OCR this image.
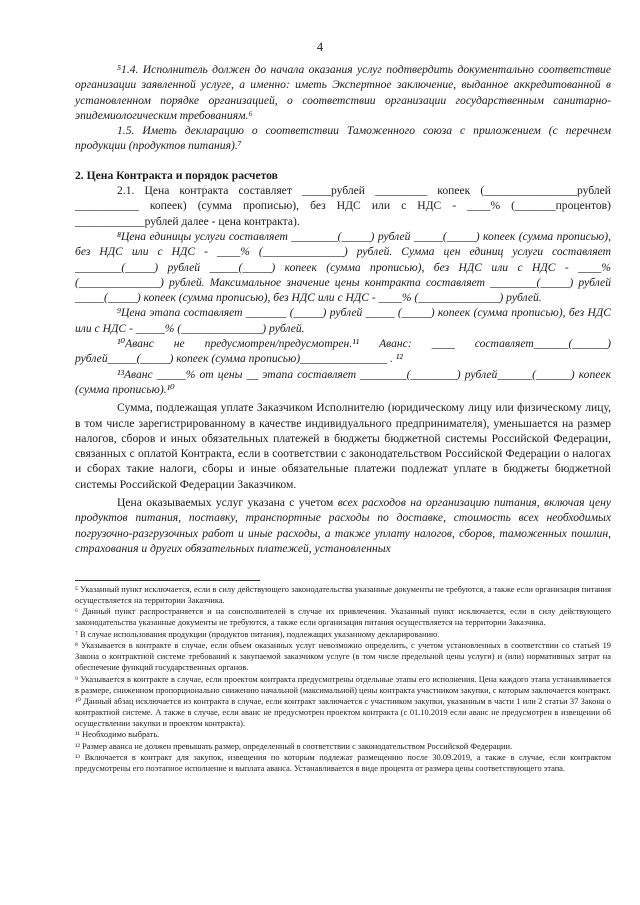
4

⁵1.4. Исполнитель должен до начала оказания услуг подтвердить документально соответствие организации заявленной услуге, а именно: иметь Экспертное заключение, выданное аккредитованной в установленном порядке организацией, о соответствии организации государственным санитарно-эпидемиологическим требованиям.⁶

1.5. Иметь декларацию о соответствии Таможенного союза с приложением (с перечнем продукции (продуктов питания).⁷

2. Цена Контракта и порядок расчетов

2.1. Цена контракта составляет _____рублей _________ копеек (________________рублей ___________ копеек) (сумма прописью), без НДС или с НДС - ____% (_______процентов) ____________рублей далее - цена контракта).

⁸Цена единицы услуги составляет ________(_____) рублей _____(_____) копеек (сумма прописью), без НДС или с НДС - ____% (______________) рублей. Сумма цен единиц услуги составляет ________(_____) рублей _____(_____) копеек (сумма прописью), без НДС или с НДС - ____% (______________) рублей. Максимальное значение цены контракта составляет ________(_____) рублей _____(_____) копеек (сумма прописью), без НДС или с НДС - ____% (______________) рублей.

⁹Цена этапа составляет _______ (_____) рублей _____ (_____) копеек (сумма прописью), без НДС или с НДС - _____% (______________) рублей.

¹⁰Аванс не предусмотрен/предусмотрен.¹¹ Аванс: ____ составляет______(______) рублей_____(_____) копеек (сумма прописью)_______________ . ¹²

¹³Аванс _____% от цены __ этапа составляет ________(________) рублей______(______) копеек (сумма прописью).¹⁰

Сумма, подлежащая уплате Заказчиком Исполнителю (юридическому лицу или физическому лицу, в том числе зарегистрированному в качестве индивидуального предпринимателя), уменьшается на размер налогов, сборов и иных обязательных платежей в бюджеты бюджетной системы Российской Федерации, связанных с оплатой Контракта, если в соответствии с законодательством Российской Федерации о налогах и сборах такие налоги, сборы и иные обязательные платежи подлежат уплате в бюджеты бюджетной системы Российской Федерации Заказчиком.

Цена оказываемых услуг указана с учетом всех расходов на организацию питания, включая цену продуктов питания, поставку, транспортные расходы по доставке, стоимость всех необходимых погрузочно-разгрузочных работ и иные расходы, а также уплату налогов, сборов, таможенных пошлин, страхования и других обязательных платежей, установленных

⁵ Указанный пункт исключается, если в силу действующего законодательства указанные документы не требуются, а также если организация питания осуществляется на территории Заказчика.

⁶ Данный пункт распространяется и на соисполнителей в случае их привлечения. Указанный пункт исключается, если в силу действующего законодательства указанные документы не требуются, а также если организация питания осуществляется на территории Заказчика.

⁷ В случае использования продукции (продуктов питания), подлежащих указанному декларированию.

⁸ Указывается в контракте в случае, если объем оказанных услуг невозможно определить, с учетом установленных в соответствии со статьей 19 Закона о контрактной системе требований к закупаемой заказчиком услуге (в том числе предельной цены услуги) и (или) нормативных затрат на обеспечение функций государственных органов.

⁹ Указывается в контракте в случае, если проектом контракта предусмотрены отдельные этапы его исполнения. Цена каждого этапа устанавливается в размере, сниженном пропорционально снижению начальной (максимальной) цены контракта участником закупки, с которым заключается контракт.

¹⁰ Данный абзац исключается из контракта в случае, если контракт заключается с участником закупки, указанным в части 1 или 2 статьи 37 Закона о контрактной системе. А также в случае, если аванс не предусмотрен проектом контракта (с 01.10.2019 если аванс не предусмотрен в извещении об осуществлении закупки и проектом контракта).

¹¹ Необходимо выбрать.

¹² Размер аванса не должен превышать размер, определенный в соответствии с законодательством Российской Федерации.

¹³ Включается в контракт для закупок, извещения по которым подлежат размещению после 30.09.2019, а также в случае, если контрактом предусмотрены его поэтапное исполнение и выплата аванса. Устанавливается в виде процента от размера цены соответствующего этапа.
